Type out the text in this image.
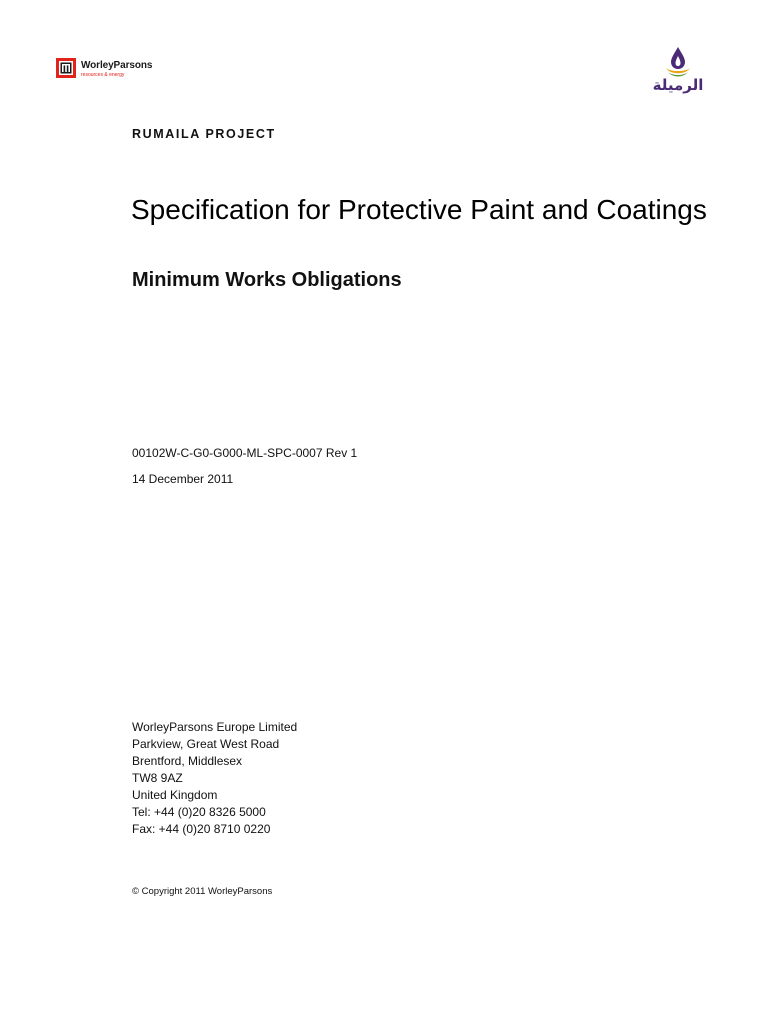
WorleyParsons
resources & energy
الرميلة
RUMAILA PROJECT
Specification for Protective Paint and Coatings
Minimum Works Obligations
00102W-C-G0-G000-ML-SPC-0007 Rev 1
14 December 2011
WorleyParsons Europe Limited
Parkview, Great West Road
Brentford, Middlesex
TW8 9AZ
United Kingdom
Tel: +44 (0)20 8326 5000
Fax: +44 (0)20 8710 0220
© Copyright 2011 WorleyParsons
